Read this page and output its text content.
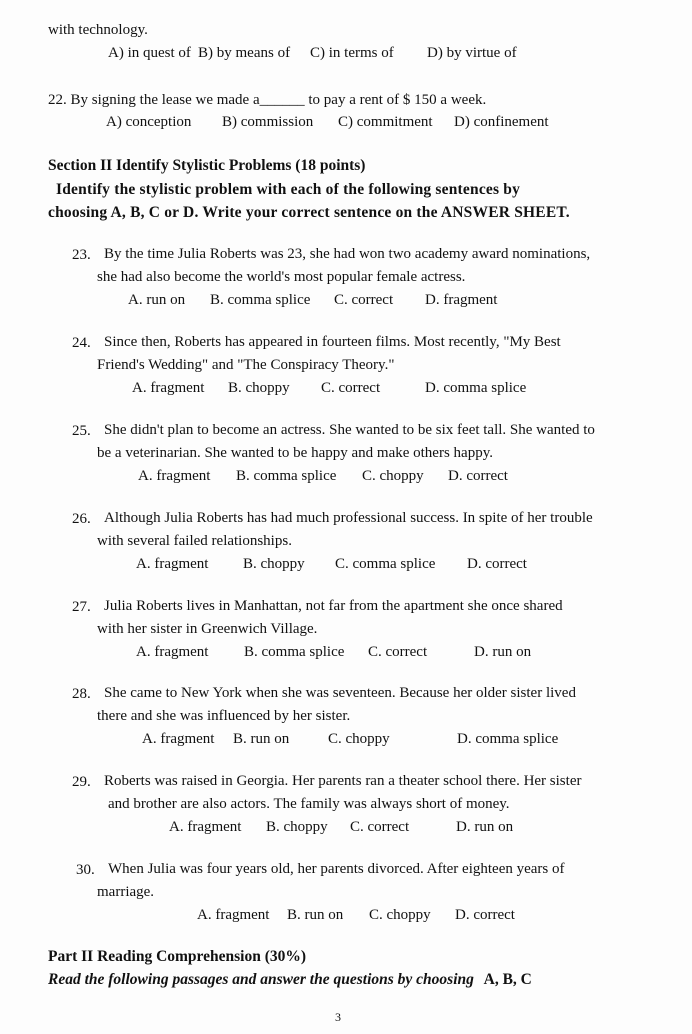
with technology.
A) in quest of B) by means of C) in terms of D) by virtue of
22. By signing the lease we made a______ to pay a rent of $ 150 a week.
A) conception B) commission C) commitment D) confinement
Section II Identify Stylistic Problems (18 points)
Identify the stylistic problem with each of the following sentences by
choosing A, B, C or D. Write your correct sentence on the ANSWER SHEET.
23. By the time Julia Roberts was 23, she had won two academy award nominations,
she had also become the world's most popular female actress.
A. run on B. comma splice C. correct D. fragment
24. Since then, Roberts has appeared in fourteen films. Most recently, "My Best
Friend's Wedding" and "The Conspiracy Theory."
A. fragment B. choppy C. correct	D. comma splice
25. She didn't plan to become an actress. She wanted to be six feet tall. She wanted to
be a veterinarian. She wanted to be happy and make others happy.
A. fragment B. comma splice C. choppy D. correct
26. Although Julia Roberts has had much professional success. In spite of her trouble
with several failed relationships.
A. fragment B. choppy C. comma splice D. correct
27. Julia Roberts lives in Manhattan, not far from the apartment she once shared
with her sister in Greenwich Village.
A. fragment B. comma splice C. correct	D. run on
28. She came to New York when she was seventeen. Because her older sister lived
there and she was influenced by her sister.
A. fragment B. run on	C. choppy	D. comma splice
29. Roberts was raised in Georgia. Her parents ran a theater school there. Her sister
and brother are also actors. The family was always short of money.
A. fragment B. choppy C. correct	D. run on
30. When Julia was four years old, her parents divorced. After eighteen years of
marriage.
A. fragment B. run on C. choppy D. correct
Part II Reading Comprehension (30%)
Read the following passages and answer the questions by choosing A, B, C
3
